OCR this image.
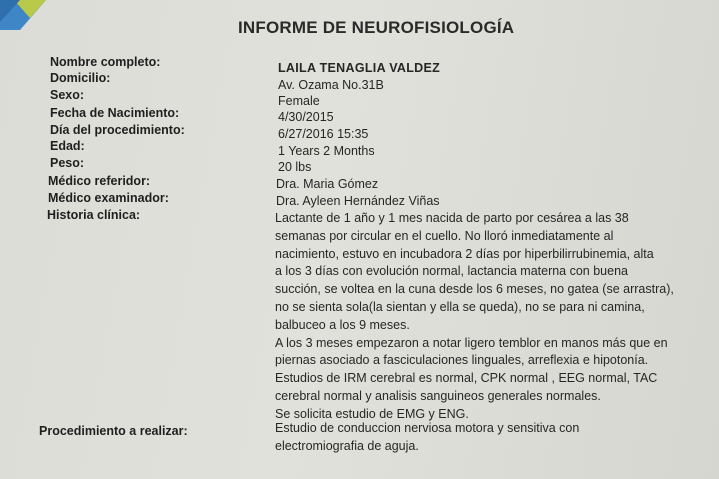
INFORME DE NEUROFISIOLOGÍA
Nombre completo:
Domicilio:
Sexo:
Fecha de Nacimiento:
Día del procedimiento:
Edad:
Peso:
Médico referidor:
Médico examinador:
Historia clínica:
Procedimiento a realizar:
LAILA TENAGLIA VALDEZ
Av. Ozama No.31B
Female
4/30/2015
6/27/2016 15:35
1 Years 2 Months
20 lbs
Dra. Maria Gómez
Dra. Ayleen Hernández Viñas
Lactante de 1 año y 1 mes nacida de parto por cesárea a las 38
semanas por circular en el cuello. No lloró inmediatamente al
nacimiento, estuvo en incubadora 2 días por hiperbilirrubinemia, alta
a los 3 días con evolución normal, lactancia materna con buena
succión, se voltea en la cuna desde los 6 meses, no gatea (se arrastra),
no se sienta sola(la sientan y ella se queda), no se para ni camina,
balbuceo a los 9 meses.
A los 3 meses empezaron a notar ligero temblor en manos más que en
piernas asociado a fasciculaciones linguales, arreflexia e hipotonía.
Estudios de IRM cerebral es normal, CPK normal , EEG normal, TAC
cerebral normal y analisis sanguineos generales normales.
Se solicita estudio de EMG y ENG.
Estudio de conduccion nerviosa motora y sensitiva con
electromiografia de aguja.
